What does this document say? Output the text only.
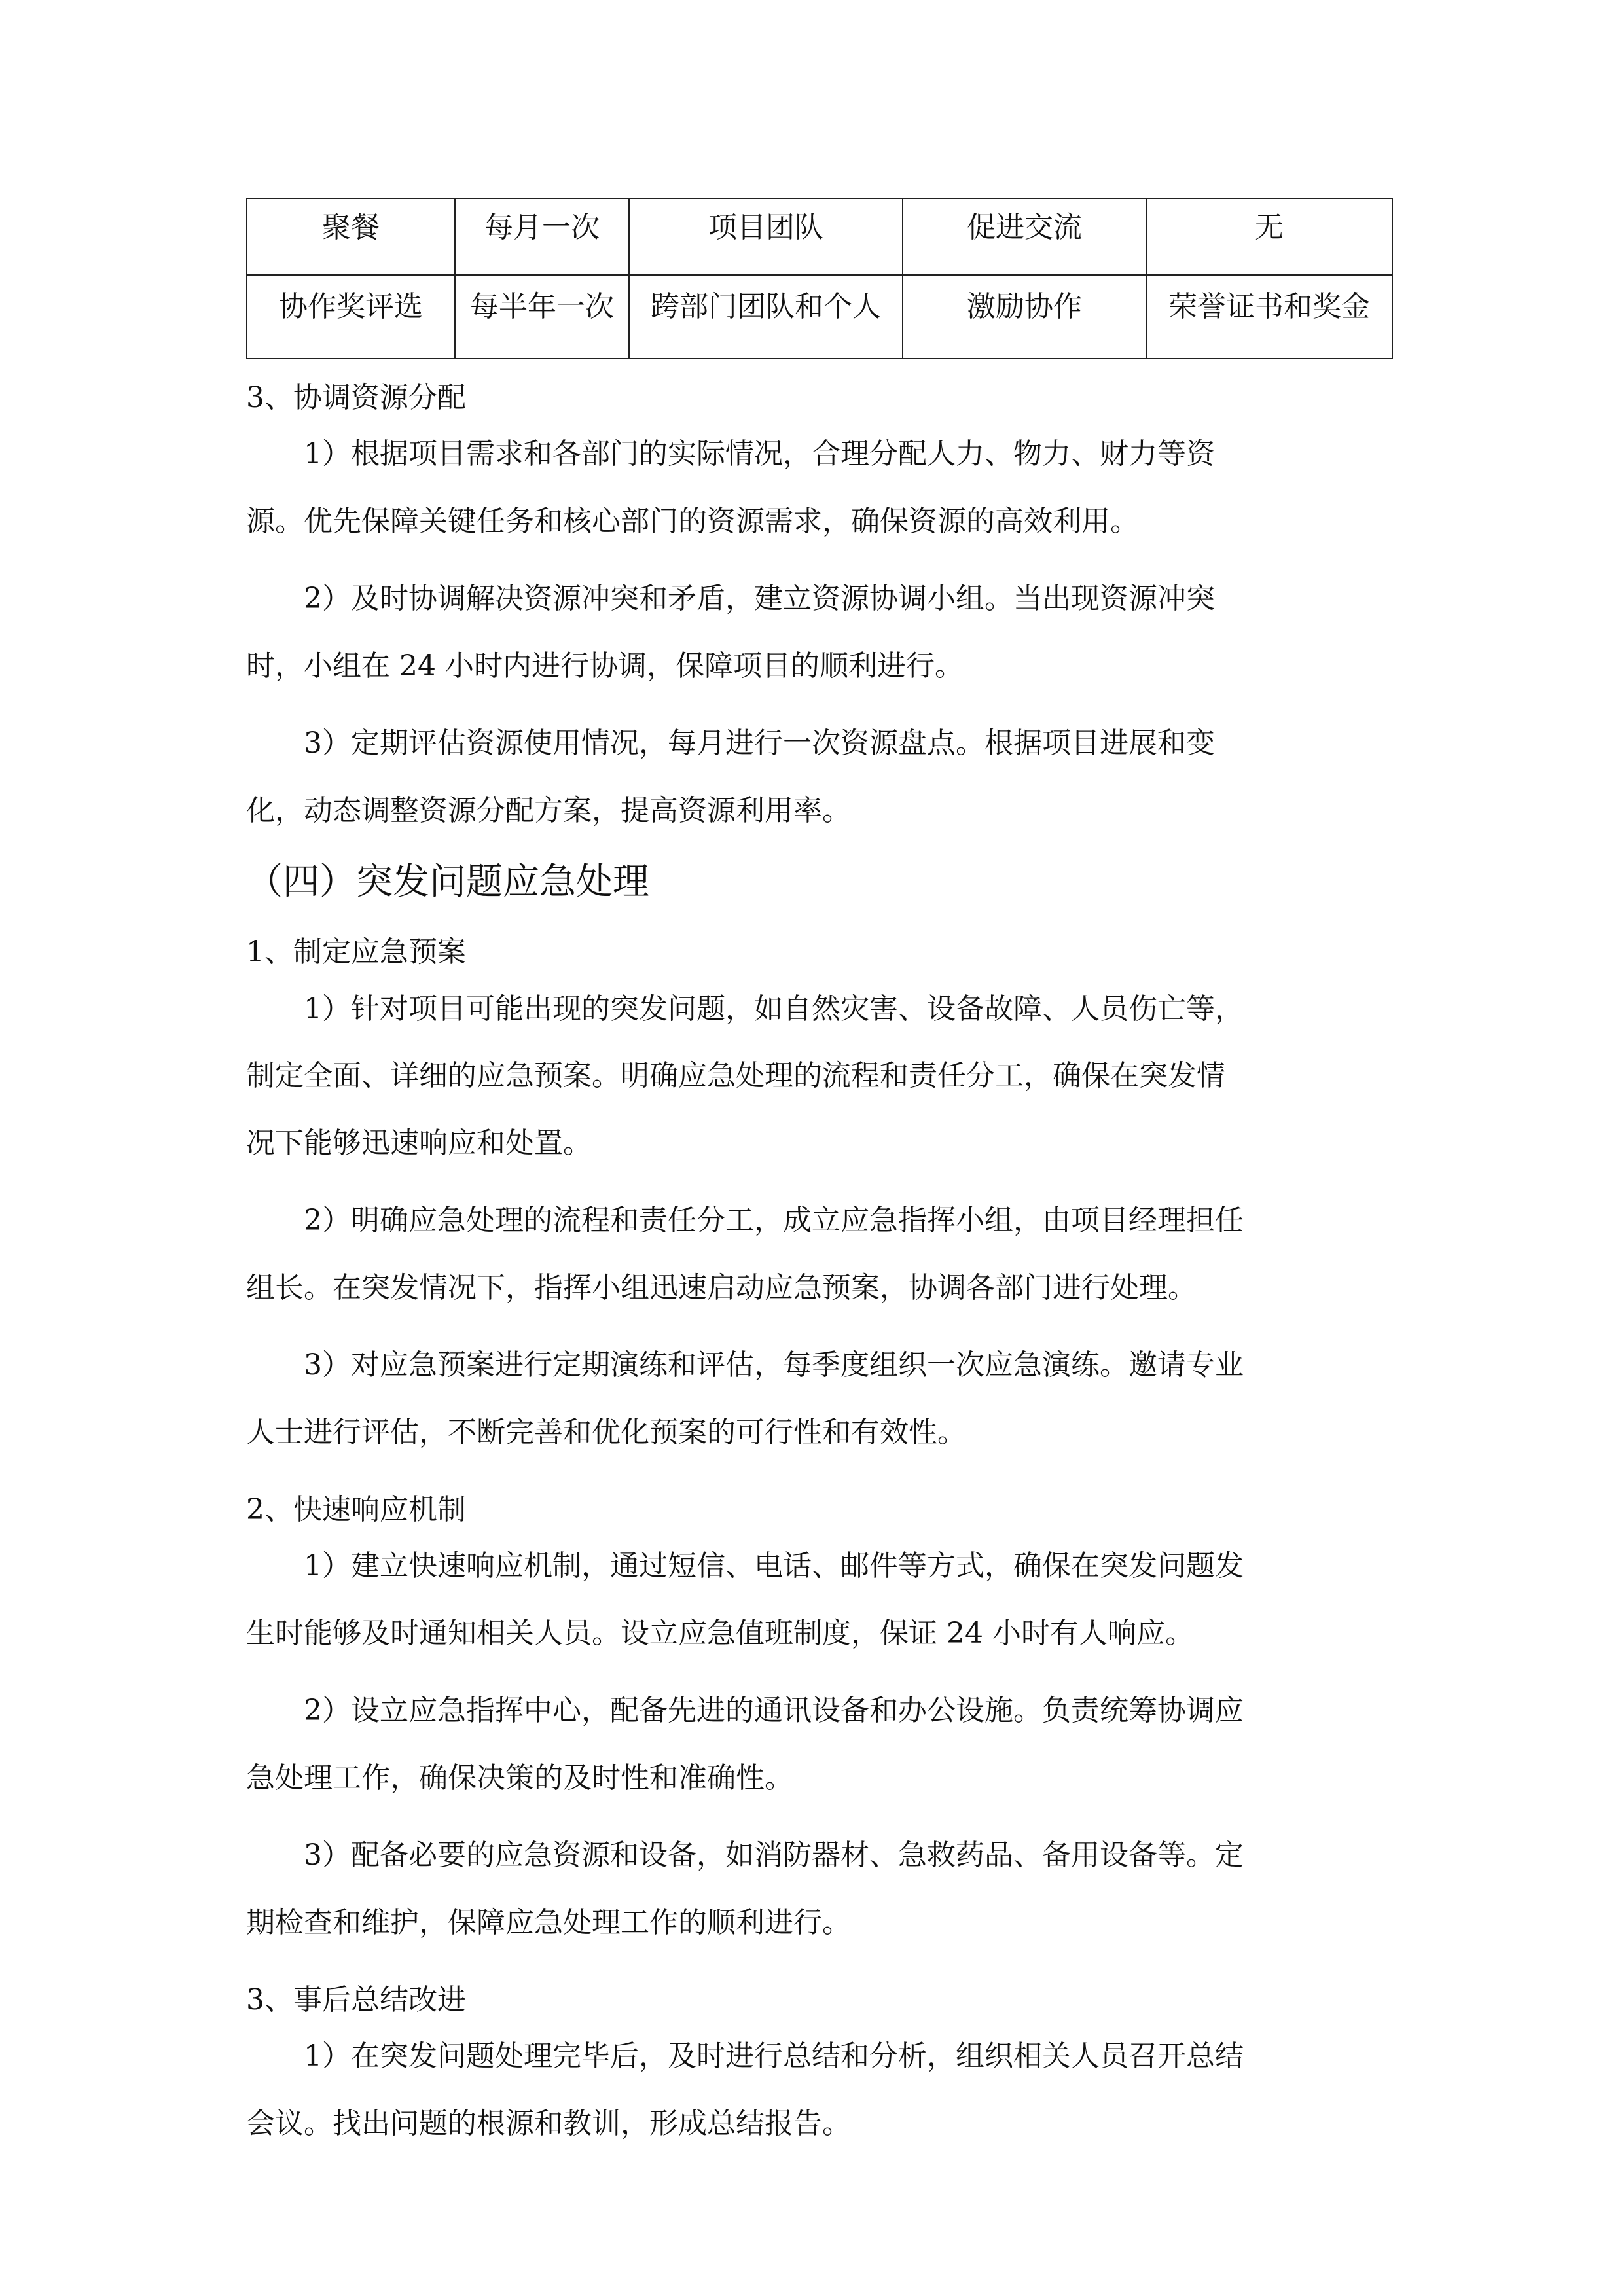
聚餐	每月一次	项目团队	促进交流	无
协作奖评选	每半年一次	跨部门团队和个人	激励协作	荣誉证书和奖金
3、协调资源分配
1）根据项目需求和各部门的实际情况，合理分配人力、物力、财力等资
源。优先保障关键任务和核心部门的资源需求，确保资源的高效利用。
2）及时协调解决资源冲突和矛盾，建立资源协调小组。当出现资源冲突
时，小组在 24 小时内进行协调，保障项目的顺利进行。
3）定期评估资源使用情况，每月进行一次资源盘点。根据项目进展和变
化，动态调整资源分配方案，提高资源利用率。
（四）突发问题应急处理
1、制定应急预案
1）针对项目可能出现的突发问题，如自然灾害、设备故障、人员伤亡等，
制定全面、详细的应急预案。明确应急处理的流程和责任分工，确保在突发情
况下能够迅速响应和处置。
2）明确应急处理的流程和责任分工，成立应急指挥小组，由项目经理担任
组长。在突发情况下，指挥小组迅速启动应急预案，协调各部门进行处理。
3）对应急预案进行定期演练和评估，每季度组织一次应急演练。邀请专业
人士进行评估，不断完善和优化预案的可行性和有效性。
2、快速响应机制
1）建立快速响应机制，通过短信、电话、邮件等方式，确保在突发问题发
生时能够及时通知相关人员。设立应急值班制度，保证 24 小时有人响应。
2）设立应急指挥中心，配备先进的通讯设备和办公设施。负责统筹协调应
急处理工作，确保决策的及时性和准确性。
3）配备必要的应急资源和设备，如消防器材、急救药品、备用设备等。定
期检查和维护，保障应急处理工作的顺利进行。
3、事后总结改进
1）在突发问题处理完毕后，及时进行总结和分析，组织相关人员召开总结
会议。找出问题的根源和教训，形成总结报告。
